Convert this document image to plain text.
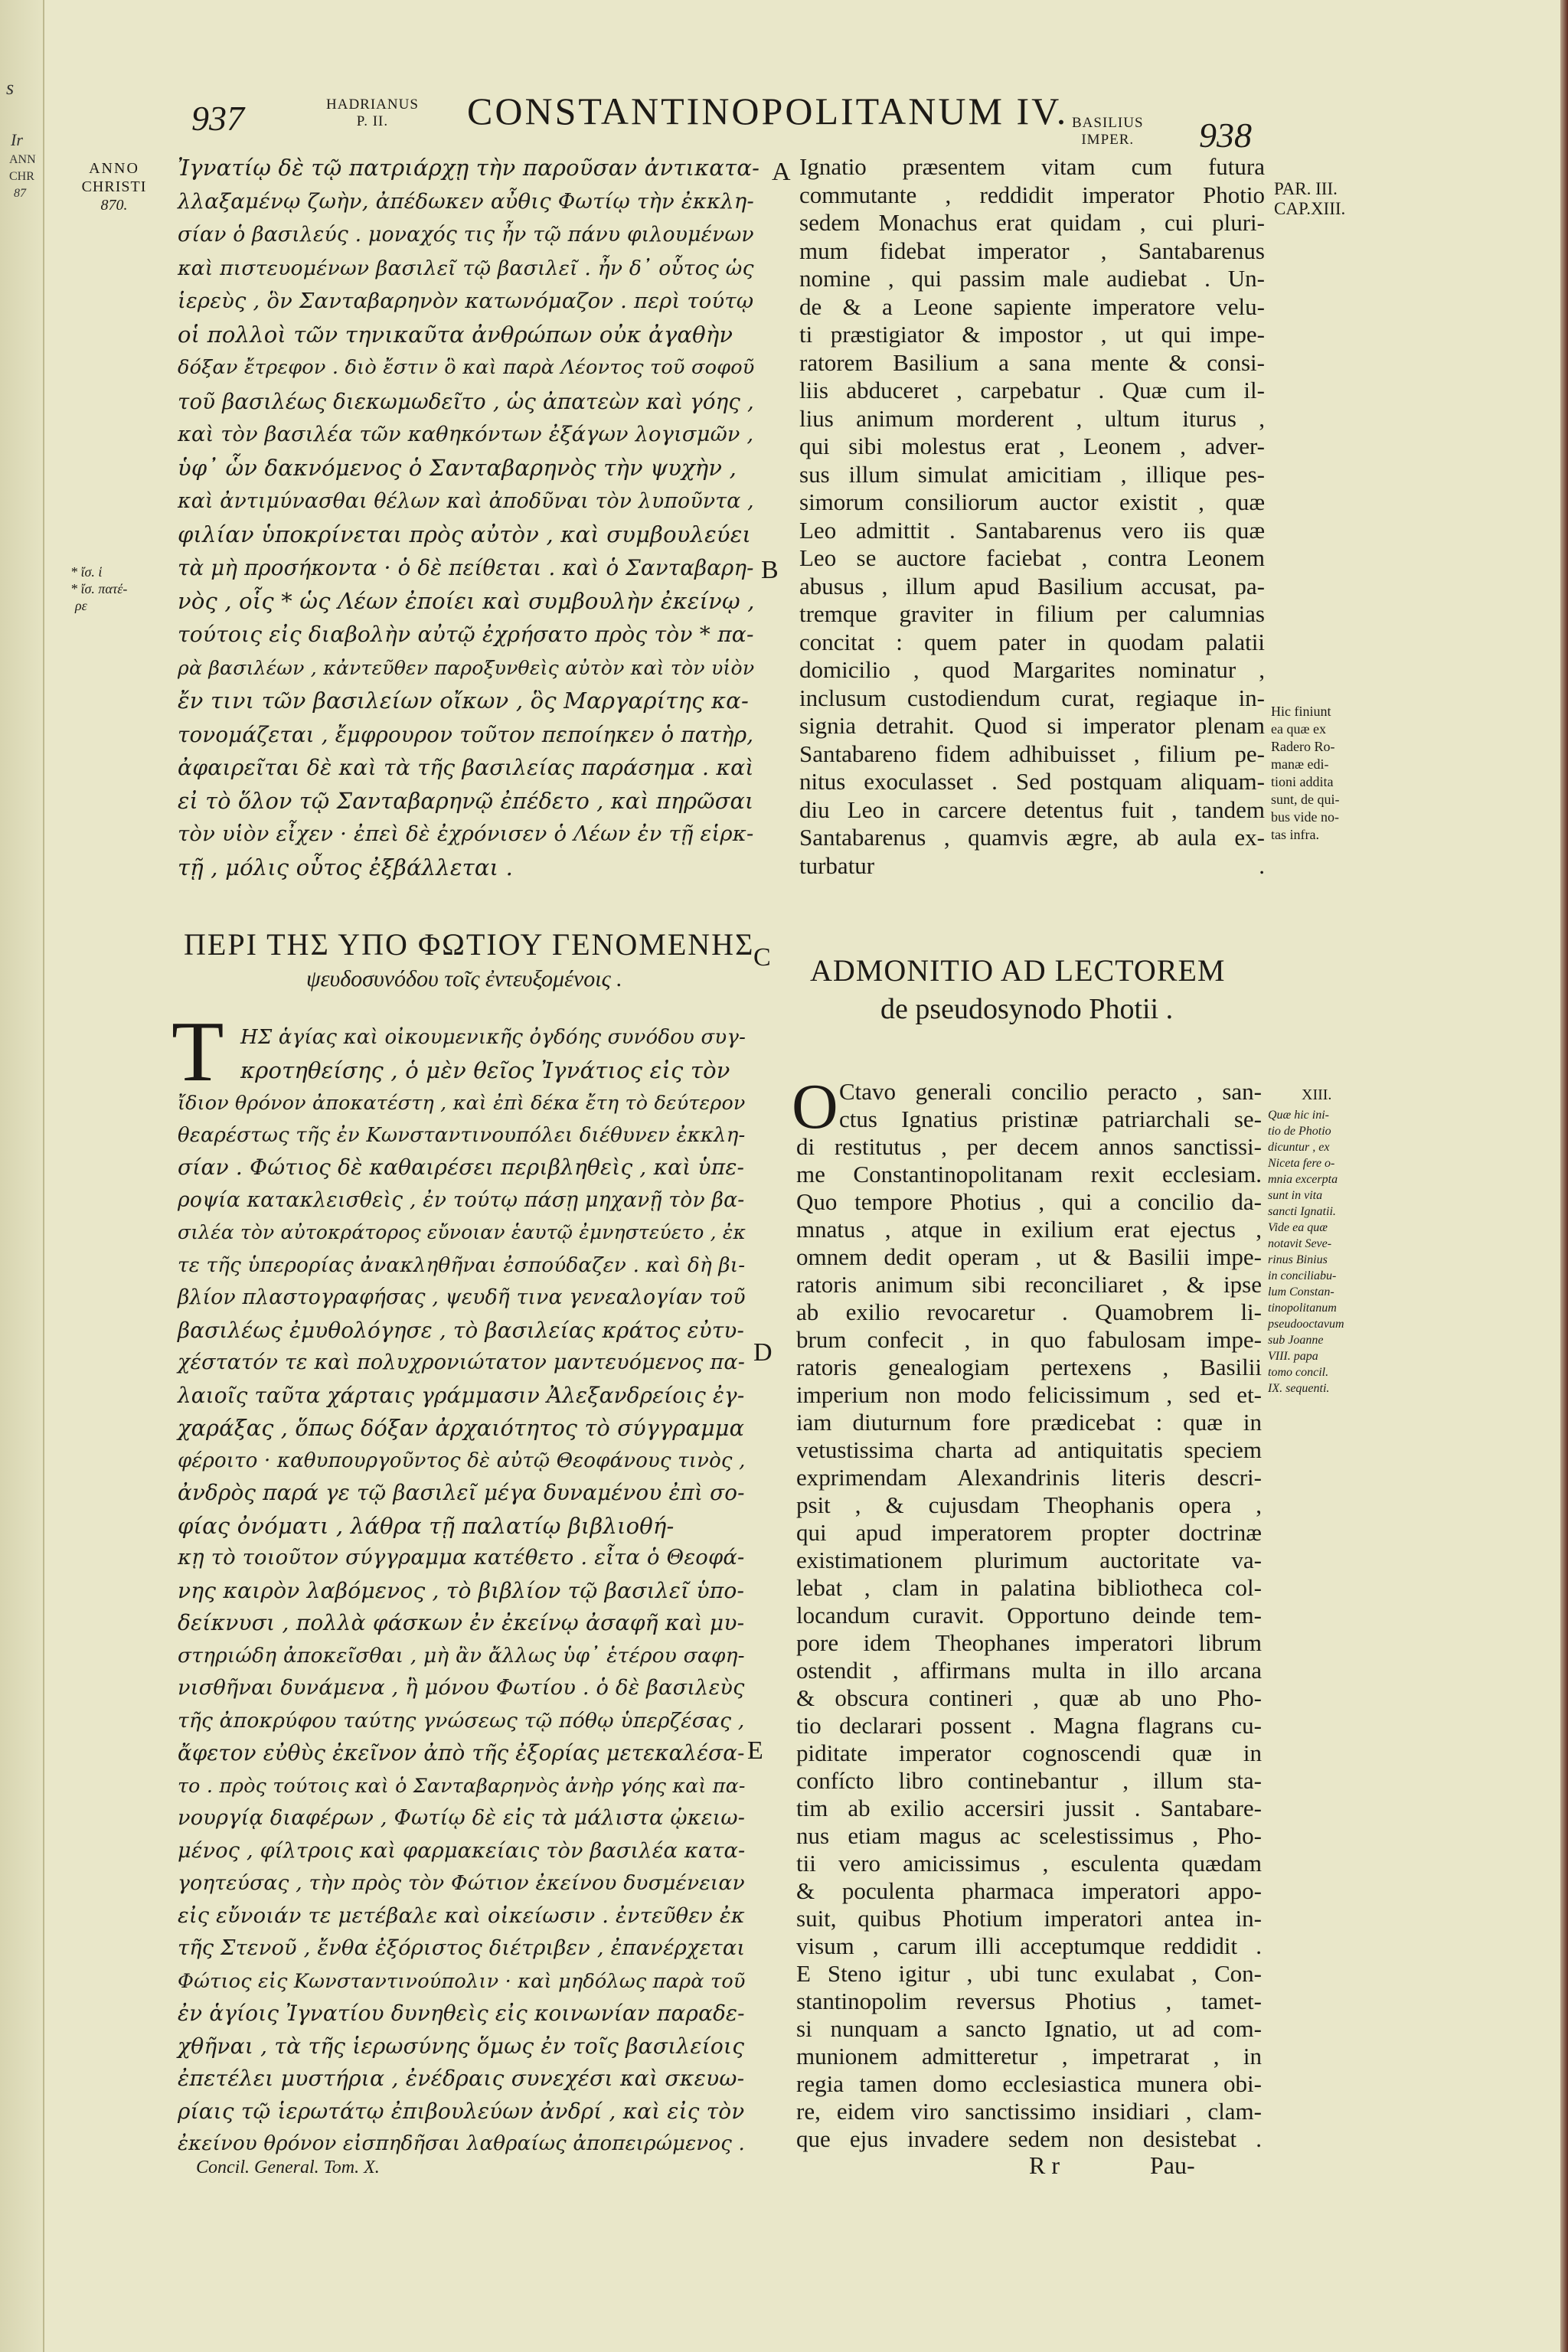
s
Ir
ANN
CHR
87
937	HADRIANUS
P. II.	CONSTANTINOPOLITANUM IV. BASILIUS
IMPER. 938
ANNO
CHRISTI
870.
* ἴσ. ἱ
* ἴσ. πατέ-
ρε
PAR. III.
CAP.XIII.
Hic finiunt
ea quæ ex
Radero Ro-
manæ edi-
tioni addita
sunt, de qui-
bus vide no-
tas infra.
XIII.
Quæ hic ini-
tio de Photio
dicuntur , ex
Niceta fere o-
mnia excerpta
sunt in vita
sancti Ignatii.
Vide ea quæ
notavit Seve-
rinus Binius
in conciliabu-
lum Constan-
tinopolitanum
pseudooctavum
sub Joanne
VIII. papa
tomo concil.
IX. sequenti.
A
B
C
D
E
Ἰγνατίῳ δὲ τῷ πατριάρχῃ τὴν παροῦσαν ἀντικατα-
λλαξαμένῳ ζωὴν, ἀπέδωκεν αὖθις Φωτίῳ τὴν ἐκκλη-
σίαν ὁ βασιλεύς . μοναχός τις ἦν τῷ πάνυ φιλουμένων
καὶ πιστευομένων βασιλεῖ τῷ βασιλεῖ . ἦν δ᾽ οὗτος ὡς
ἱερεὺς , ὃν Σανταβαρηνὸν κατωνόμαζον . περὶ τούτῳ
οἱ πολλοὶ τῶν τηνικαῦτα ἀνθρώπων οὐκ ἀγαθὴν
δόξαν ἔτρεφον . διὸ ἔστιν ὃ καὶ παρὰ Λέοντος τοῦ σοφοῦ
τοῦ βασιλέως διεκωμωδεῖτο , ὡς ἀπατεὼν καὶ γόης ,
καὶ τὸν βασιλέα τῶν καθηκόντων ἐξάγων λογισμῶν ,
ὑφ᾽ ὧν δακνόμενος ὁ Σανταβαρηνὸς τὴν ψυχὴν ,
καὶ ἀντιμύνασθαι θέλων καὶ ἀποδῦναι τὸν λυποῦντα ,
φιλίαν ὑποκρίνεται πρὸς αὐτὸν , καὶ συμβουλεύει
τὰ μὴ προσήκοντα · ὁ δὲ πείθεται . καὶ ὁ Σανταβαρη-
νὸς , οἷς * ὡς Λέων ἐποίει καὶ συμβουλὴν ἐκείνῳ ,
τούτοις εἰς διαβολὴν αὐτῷ ἐχρήσατο πρὸς τὸν * πα-
ρὰ βασιλέων , κἀντεῦθεν παροξυνθεὶς αὐτὸν καὶ τὸν υἱὸν
ἔν τινι τῶν βασιλείων οἴκων , ὃς Μαργαρίτης κα-
τονομάζεται , ἔμφρουρον τοῦτον πεποίηκεν ὁ πατὴρ,
ἀφαιρεῖται δὲ καὶ τὰ τῆς βασιλείας παράσημα . καὶ
εἰ τὸ ὅλον τῷ Σανταβαρηνῷ ἐπέδετο , καὶ πηρῶσαι
τὸν υἱὸν εἶχεν · ἐπεὶ δὲ ἐχρόνισεν ὁ Λέων ἐν τῇ εἱρκ-
τῇ , μόλις οὗτος ἐξβάλλεται .
Ignatio præsentem vitam cum futura
commutante , reddidit imperator Photio
sedem Monachus erat quidam , cui pluri-
mum fidebat imperator , Santabarenus
nomine , qui passim male audiebat . Un-
de & a Leone sapiente imperatore velu-
ti præstigiator & impostor , ut qui impe-
ratorem Basilium a sana mente & consi-
liis abduceret , carpebatur . Quæ cum il-
lius animum morderent , ultum iturus ,
qui sibi molestus erat , Leonem , adver-
sus illum simulat amicitiam , illique pes-
simorum consiliorum auctor existit , quæ
Leo admittit . Santabarenus vero iis quæ
Leo se auctore faciebat , contra Leonem
abusus , illum apud Basilium accusat, pa-
tremque graviter in filium per calumnias
concitat : quem pater in quodam palatii
domicilio , quod Margarites nominatur ,
inclusum custodiendum curat, regiaque in-
signia detrahit. Quod si imperator plenam
Santabareno fidem adhibuisset , filium pe-
nitus exoculasset . Sed postquam aliquam-
diu Leo in carcere detentus fuit , tandem
Santabarenus , quamvis ægre, ab aula ex-
turbatur .
ΠΕΡΙ ΤΗΣ ΥΠΟ ΦΩΤΙΟΥ ΓΕΝΟΜΕΝΗΣ
ψευδοσυνόδου τοῖς ἐντευξομένοις .	ADMONITIO AD LECTOREM
de pseudosynodo Photii .
Τ
O
ΗΣ ἁγίας καὶ οἰκουμενικῆς ὀγδόης συνόδου συγ-
κροτηθείσης , ὁ μὲν θεῖος Ἰγνάτιος εἰς τὸν
ἴδιον θρόνον ἀποκατέστη , καὶ ἐπὶ δέκα ἔτη τὸ δεύτερον
θεαρέστως τῆς ἐν Κωνσταντινουπόλει διέθυνεν ἐκκλη-
σίαν . Φώτιος δὲ καθαιρέσει περιβληθεὶς , καὶ ὑπε-
ροψία κατακλεισθεὶς , ἐν τούτῳ πάσῃ μηχανῇ τὸν βα-
σιλέα τὸν αὐτοκράτορος εὔνοιαν ἑαυτῷ ἐμνηστεύετο , ἐκ
τε τῆς ὑπερορίας ἀνακληθῆναι ἐσπούδαζεν . καὶ δὴ βι-
βλίον πλαστογραφήσας , ψευδῆ τινα γενεαλογίαν τοῦ
βασιλέως ἐμυθολόγησε , τὸ βασιλείας κράτος εὐτυ-
χέστατόν τε καὶ πολυχρονιώτατον μαντευόμενος πα-
λαιοῖς ταῦτα χάρταις γράμμασιν Ἀλεξανδρείοις ἐγ-
χαράξας , ὅπως δόξαν ἀρχαιότητος τὸ σύγγραμμα
φέροιτο · καθυπουργοῦντος δὲ αὐτῷ Θεοφάνους τινὸς ,
ἀνδρὸς παρά γε τῷ βασιλεῖ μέγα δυναμένου ἐπὶ σο-
φίας ὀνόματι , λάθρα τῇ παλατίῳ βιβλιοθή-
κῃ τὸ τοιοῦτον σύγγραμμα κατέθετο . εἶτα ὁ Θεοφά-
νης καιρὸν λαβόμενος , τὸ βιβλίον τῷ βασιλεῖ ὑπο-
δείκνυσι , πολλὰ φάσκων ἐν ἐκείνῳ ἀσαφῆ καὶ μυ-
στηριώδη ἀποκεῖσθαι , μὴ ἂν ἄλλως ὑφ᾽ ἑτέρου σαφη-
νισθῆναι δυνάμενα , ἢ μόνου Φωτίου . ὁ δὲ βασιλεὺς
τῆς ἀποκρύφου ταύτης γνώσεως τῷ πόθῳ ὑπερζέσας ,
ἄφετον εὐθὺς ἐκεῖνον ἀπὸ τῆς ἐξορίας μετεκαλέσα-
το . πρὸς τούτοις καὶ ὁ Σανταβαρηνὸς ἀνὴρ γόης καὶ πα-
νουργίᾳ διαφέρων , Φωτίῳ δὲ εἰς τὰ μάλιστα ᾠκειω-
μένος , φίλτροις καὶ φαρμακείαις τὸν βασιλέα κατα-
γοητεύσας , τὴν πρὸς τὸν Φώτιον ἐκείνου δυσμένειαν
εἰς εὔνοιάν τε μετέβαλε καὶ οἰκείωσιν . ἐντεῦθεν ἐκ
τῆς Στενοῦ , ἔνθα ἐξόριστος διέτριβεν , ἐπανέρχεται
Φώτιος εἰς Κωνσταντινούπολιν · καὶ μηδόλως παρὰ τοῦ
ἐν ἁγίοις Ἰγνατίου δυνηθεὶς εἰς κοινωνίαν παραδε-
χθῆναι , τὰ τῆς ἱερωσύνης ὅμως ἐν τοῖς βασιλείοις
ἐπετέλει μυστήρια , ἐνέδραις συνεχέσι καὶ σκευω-
ρίαις τῷ ἱερωτάτῳ ἐπιβουλεύων ἀνδρί , καὶ εἰς τὸν
ἐκείνου θρόνον εἰσπηδῆσαι λαθραίως ἀποπειρώμενος .
Ctavo generali concilio peracto , san-
ctus Ignatius pristinæ patriarchali se-
di restitutus , per decem annos sanctissi-
me Constantinopolitanam rexit ecclesiam.
Quo tempore Photius , qui a concilio da-
mnatus , atque in exilium erat ejectus ,
omnem dedit operam , ut & Basilii impe-
ratoris animum sibi reconciliaret , & ipse
ab exilio revocaretur . Quamobrem li-
brum confecit , in quo fabulosam impe-
ratoris genealogiam pertexens , Basilii
imperium non modo felicissimum , sed et-
iam diuturnum fore prædicebat : quæ in
vetustissima charta ad antiquitatis speciem
exprimendam Alexandrinis literis descri-
psit , & cujusdam Theophanis opera ,
qui apud imperatorem propter doctrinæ
existimationem plurimum auctoritate va-
lebat , clam in palatina bibliotheca col-
locandum curavit. Opportuno deinde tem-
pore idem Theophanes imperatori librum
ostendit , affirmans multa in illo arcana
& obscura contineri , quæ ab uno Pho-
tio declarari possent . Magna flagrans cu-
piditate imperator cognoscendi quæ in
confícto libro continebantur , illum sta-
tim ab exilio accersiri jussit . Santabare-
nus etiam magus ac scelestissimus , Pho-
tii vero amicissimus , esculenta quædam
& poculenta pharmaca imperatori appo-
suit, quibus Photium imperatori antea in-
visum , carum illi acceptumque reddidit .
E Steno igitur , ubi tunc exulabat , Con-
stantinopolim reversus Photius , tamet-
si nunquam a sancto Ignatio, ut ad com-
munionem admitteretur , impetrarat , in
regia tamen domo ecclesiastica munera obi-
re, eidem viro sanctissimo insidiari , clam-
que ejus invadere sedem non desistebat .
Concil. General. Tom. X.	R r	Pau-
